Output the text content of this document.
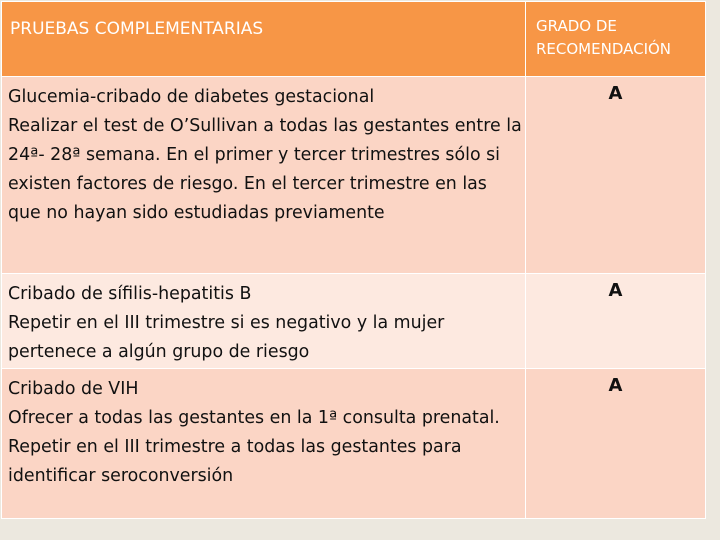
PRUEBAS COMPLEMENTARIAS	GRADO DE RECOMENDACIÓN

Glucemia-cribado de diabetes gestacional
Realizar el test de O’Sullivan a todas las gestantes entre la 24ª- 28ª semana. En el primer y tercer trimestres sólo si existen factores de riesgo. En el tercer trimestre en las que no hayan sido estudiadas previamente	A

Cribado de sífilis-hepatitis B
Repetir en el III trimestre si es negativo y la mujer pertenece a algún grupo de riesgo	A

Cribado de VIH
Ofrecer a todas las gestantes en la 1ª consulta prenatal.
Repetir en el III trimestre a todas las gestantes para identificar seroconversión	A
